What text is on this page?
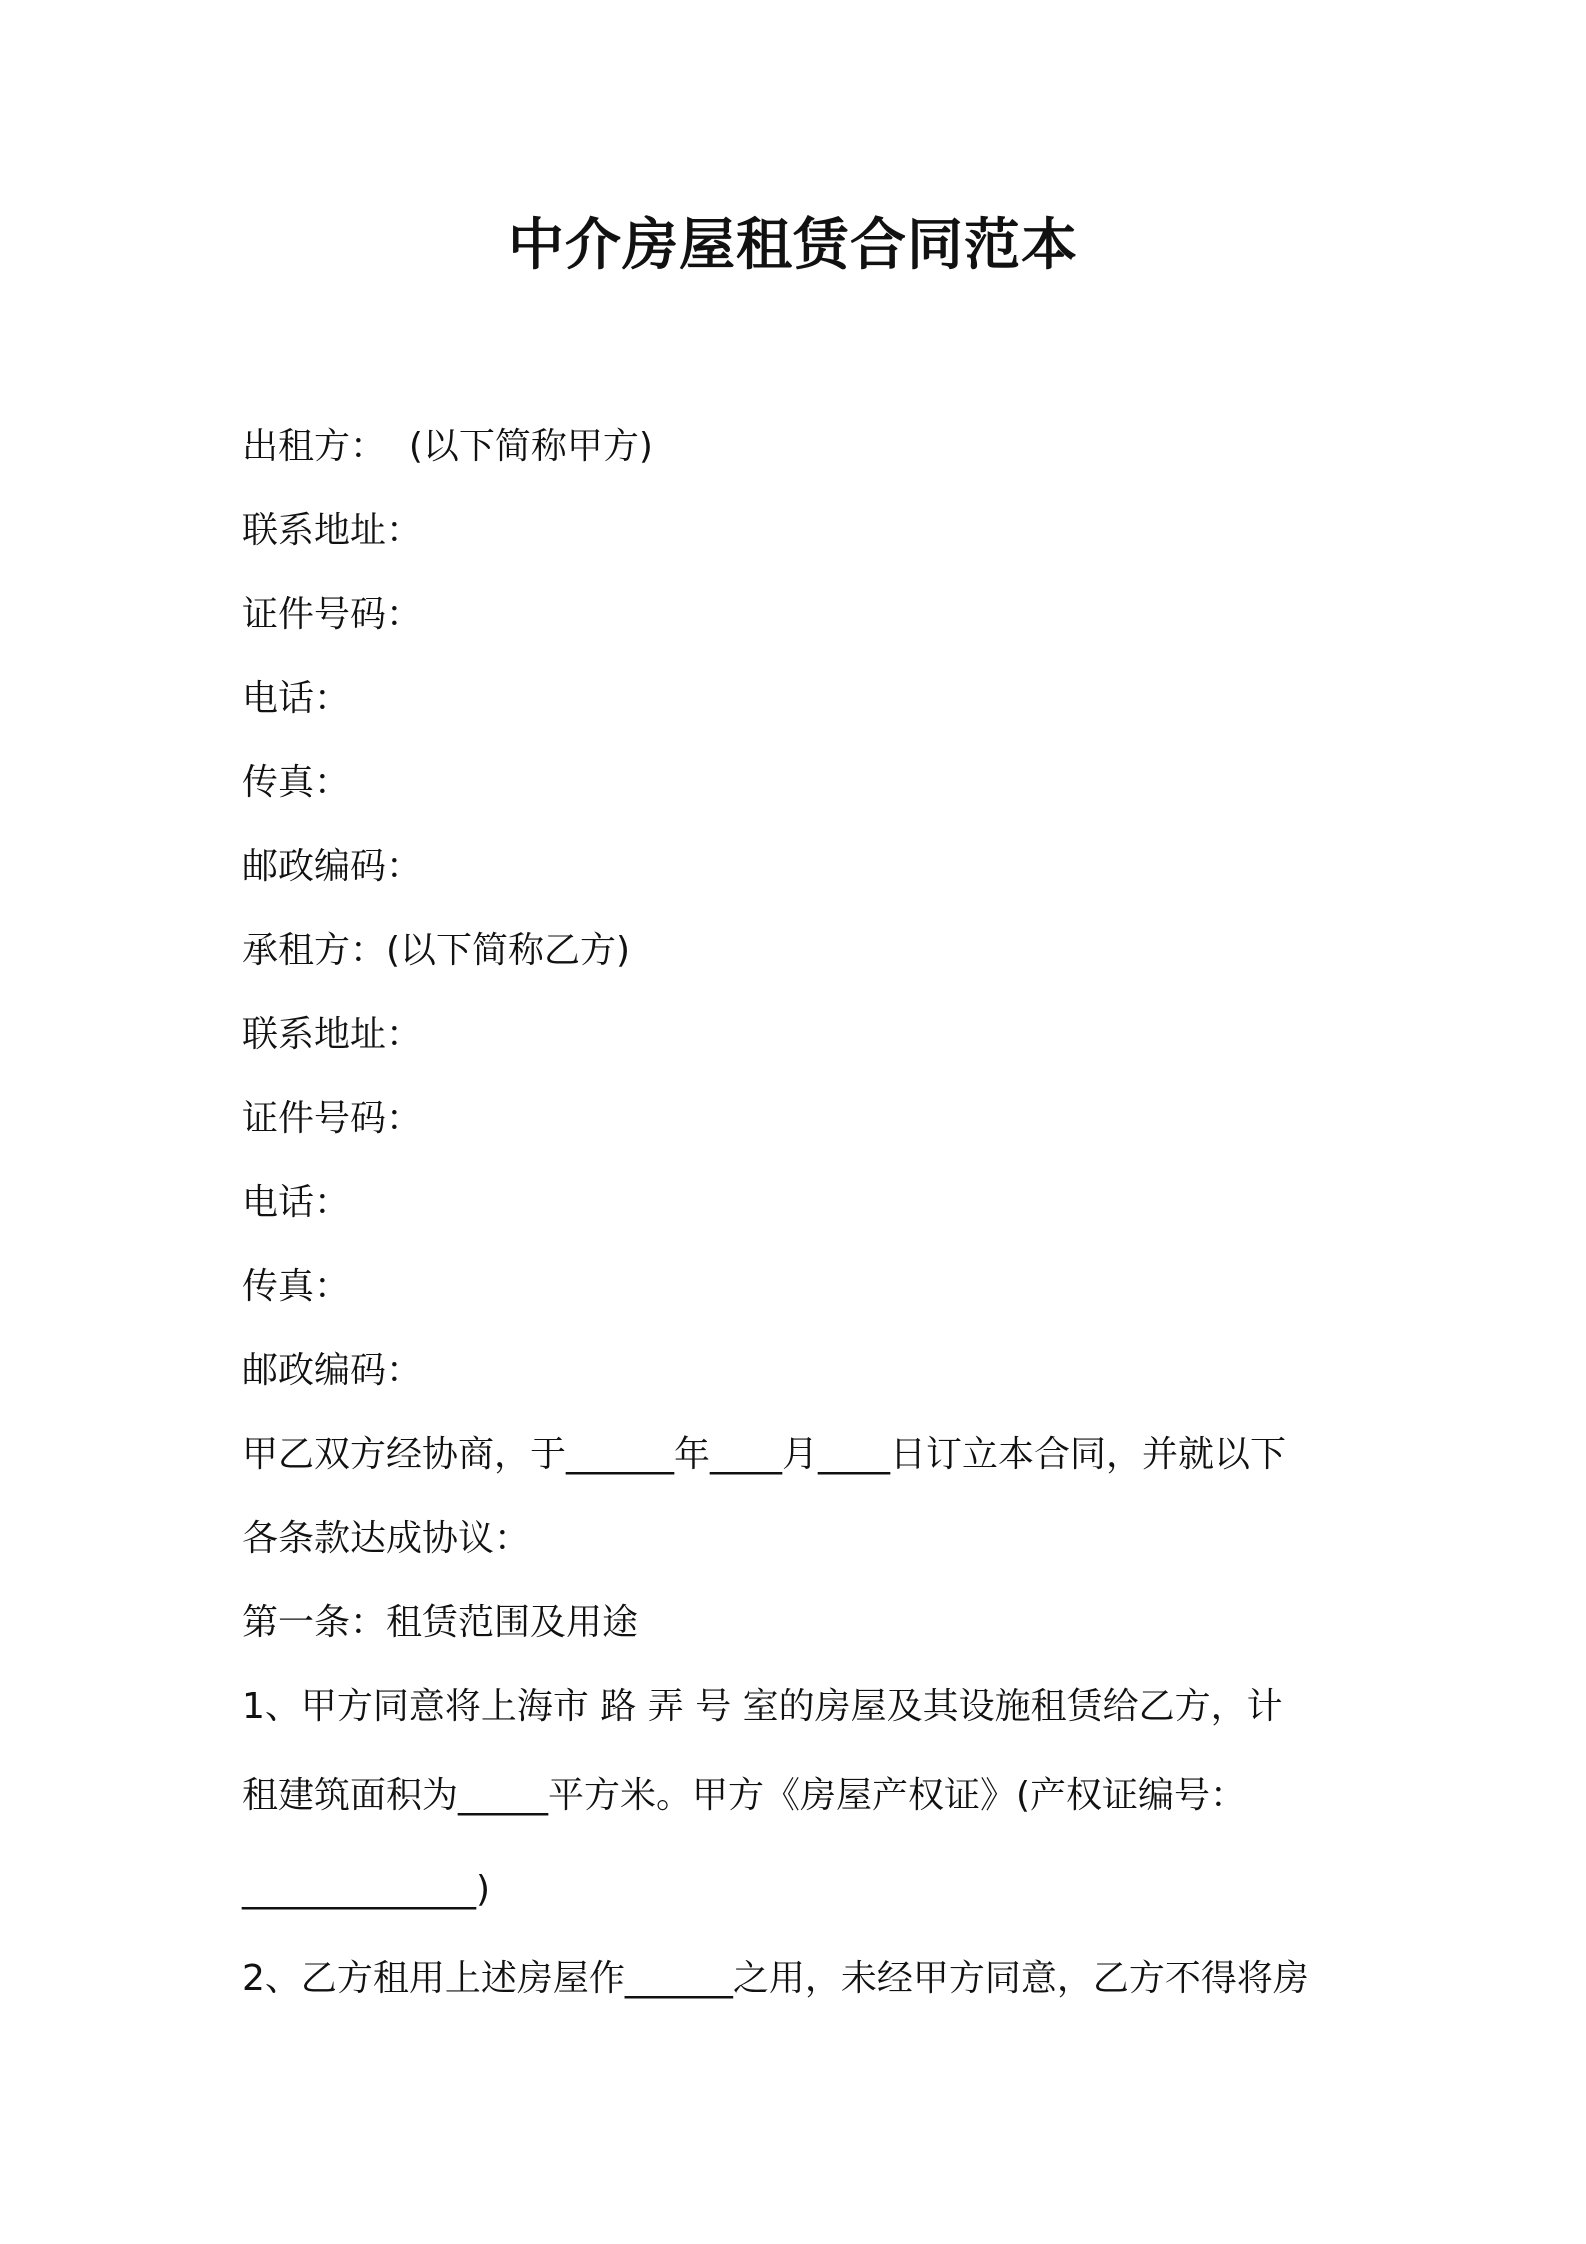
中介房屋租赁合同范本
出租方：  (以下简称甲方)
联系地址：
证件号码：
电话：
传真：
邮政编码：
承租方：(以下简称乙方)
联系地址：
证件号码：
电话：
传真：
邮政编码：
甲乙双方经协商，于______年____月____日订立本合同，并就以下
各条款达成协议：
第一条：租赁范围及用途
1、甲方同意将上海市 路 弄 号 室的房屋及其设施租赁给乙方，计
租建筑面积为_____平方米。甲方《房屋产权证》(产权证编号：
_____________)
2、乙方租用上述房屋作______之用，未经甲方同意，乙方不得将房
